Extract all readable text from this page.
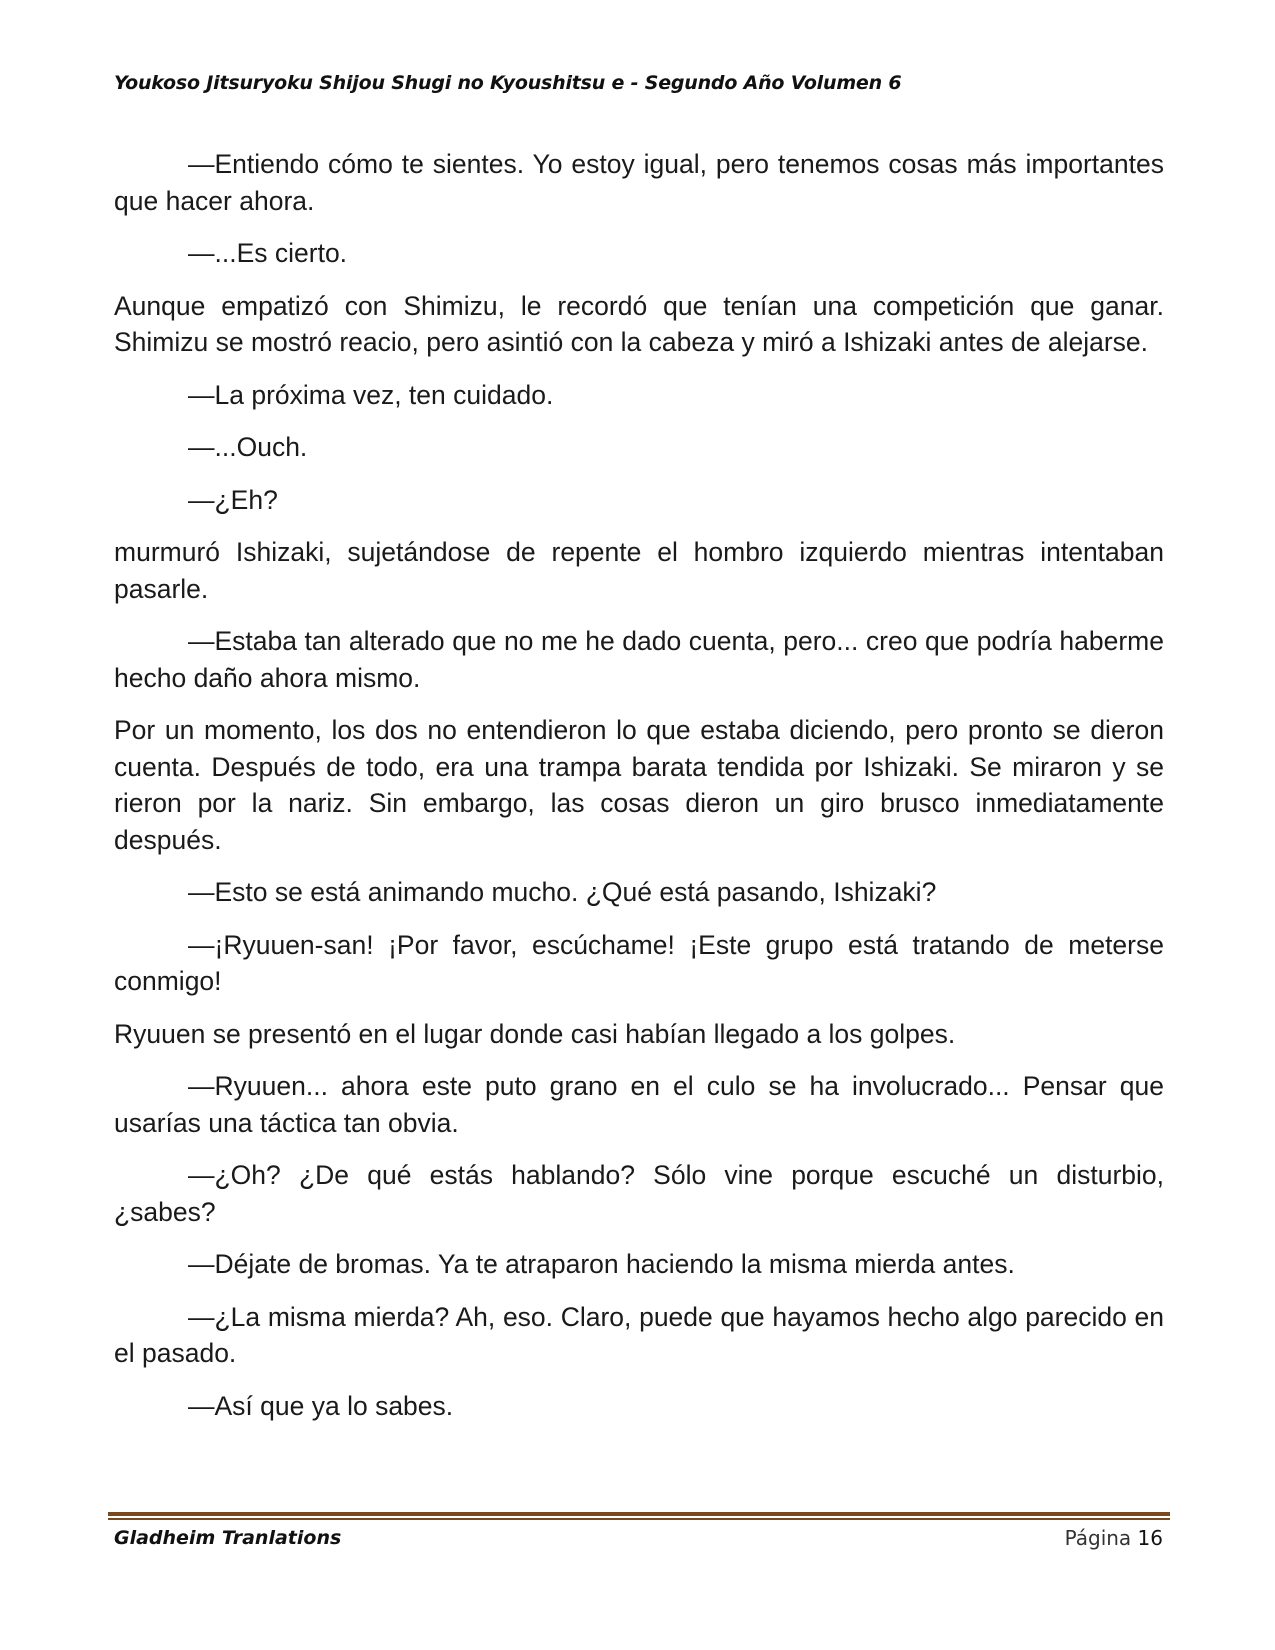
Youkoso Jitsuryoku Shijou Shugi no Kyoushitsu e - Segundo Año Volumen 6

—Entiendo cómo te sientes. Yo estoy igual, pero tenemos cosas más importantes que hacer ahora.

—...Es cierto.

Aunque empatizó con Shimizu, le recordó que tenían una competición que ganar. Shimizu se mostró reacio, pero asintió con la cabeza y miró a Ishizaki antes de alejarse.

—La próxima vez, ten cuidado.

—...Ouch.

—¿Eh?

murmuró Ishizaki, sujetándose de repente el hombro izquierdo mientras intentaban pasarle.

—Estaba tan alterado que no me he dado cuenta, pero... creo que podría haberme hecho daño ahora mismo.

Por un momento, los dos no entendieron lo que estaba diciendo, pero pronto se dieron cuenta. Después de todo, era una trampa barata tendida por Ishizaki. Se miraron y se rieron por la nariz. Sin embargo, las cosas dieron un giro brusco inmediatamente después.

—Esto se está animando mucho. ¿Qué está pasando, Ishizaki?

—¡Ryuuen-san! ¡Por favor, escúchame! ¡Este grupo está tratando de meterse conmigo!

Ryuuen se presentó en el lugar donde casi habían llegado a los golpes.

—Ryuuen... ahora este puto grano en el culo se ha involucrado... Pensar que usarías una táctica tan obvia.

—¿Oh? ¿De qué estás hablando? Sólo vine porque escuché un disturbio, ¿sabes?

—Déjate de bromas. Ya te atraparon haciendo la misma mierda antes.

—¿La misma mierda? Ah, eso. Claro, puede que hayamos hecho algo parecido en el pasado.

—Así que ya lo sabes.

Gladheim Tranlations	Página 16
